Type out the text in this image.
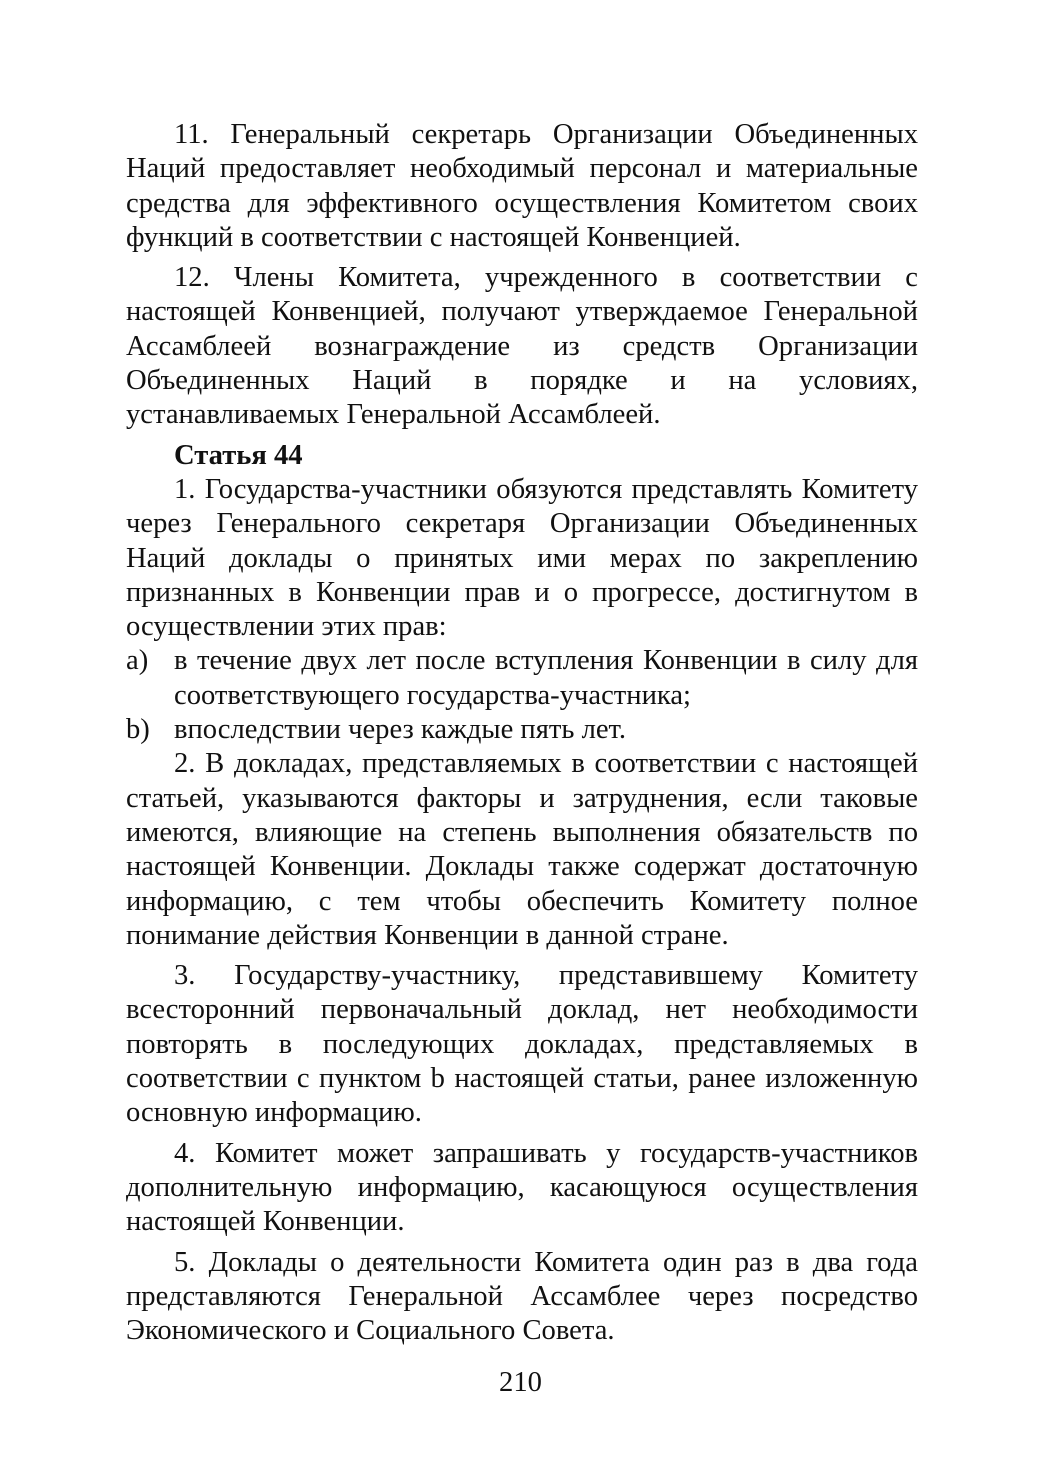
11. Генеральный секретарь Организации Объединенных Наций предоставляет необходимый персонал и материальные средства для эффективного осуществления Комитетом своих функций в соответствии с настоящей Конвенцией.

12. Члены Комитета, учрежденного в соответствии с настоящей Конвенцией, получают утверждаемое Генеральной Ассамблеей вознаграждение из средств Организации Объединенных Наций в порядке и на условиях, устанавливаемых Генеральной Ассамблеей.

Статья 44

1. Государства-участники обязуются представлять Комитету через Генерального секретаря Организации Объединенных Наций доклады о принятых ими мерах по закреплению признанных в Конвенции прав и о прогрессе, достигнутом в осуществлении этих прав:

a) в течение двух лет после вступления Конвенции в силу для соответствующего государства-участника;
b) впоследствии через каждые пять лет.

2. В докладах, представляемых в соответствии с настоящей статьей, указываются факторы и затруднения, если таковые имеются, влияющие на степень выполнения обязательств по настоящей Конвенции. Доклады также содержат достаточную информацию, с тем чтобы обеспечить Комитету полное понимание действия Конвенции в данной стране.

3. Государству-участнику, представившему Комитету всесторонний первоначальный доклад, нет необходимости повторять в последующих докладах, представляемых в соответствии с пунктом b настоящей статьи, ранее изложенную основную информацию.

4. Комитет может запрашивать у государств-участников дополнительную информацию, касающуюся осуществления настоящей Конвенции.

5. Доклады о деятельности Комитета один раз в два года представляются Генеральной Ассамблее через посредство Экономического и Социального Совета.

210
